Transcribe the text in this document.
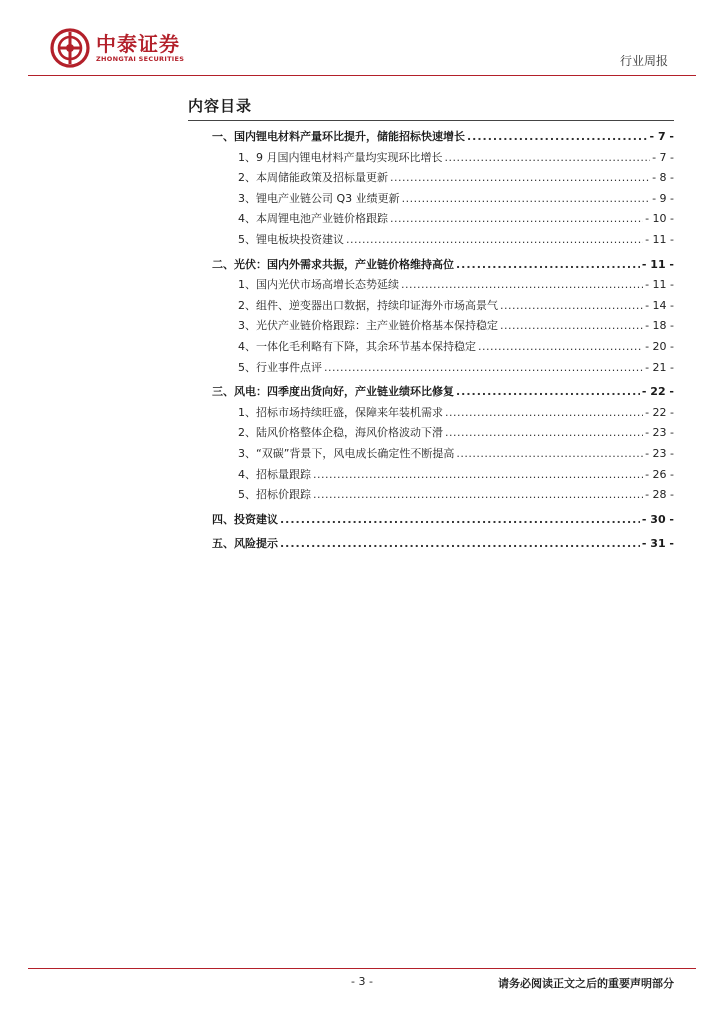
中泰证券
ZHONGTAI SECURITIES	行业周报
内容目录
一、国内锂电材料产量环比提升，储能招标快速增长 .....	- 7 -
1、9 月国内锂电材料产量均实现环比增长 .....	- 7 -
2、本周储能政策及招标量更新 .....	- 8 -
3、锂电产业链公司 Q3 业绩更新 .....	- 9 -
4、本周锂电池产业链价格跟踪 .....	- 10 -
5、锂电板块投资建议 .....	- 11 -
二、光伏：国内外需求共振，产业链价格维持高位 .....	- 11 -
1、国内光伏市场高增长态势延续 .....	- 11 -
2、组件、逆变器出口数据，持续印证海外市场高景气 .....	- 14 -
3、光伏产业链价格跟踪：主产业链价格基本保持稳定 .....	- 18 -
4、一体化毛利略有下降，其余环节基本保持稳定 .....	- 20 -
5、行业事件点评 .....	- 21 -
三、风电：四季度出货向好，产业链业绩环比修复 .....	- 22 -
1、招标市场持续旺盛，保障来年装机需求 .....	- 22 -
2、陆风价格整体企稳，海风价格波动下滑 .....	- 23 -
3、“双碳”背景下，风电成长确定性不断提高 .....	- 23 -
4、招标量跟踪 .....	- 26 -
5、招标价跟踪 .....	- 28 -
四、投资建议 .....	- 30 -
五、风险提示 .....	- 31 -
- 3 -	请务必阅读正文之后的重要声明部分
